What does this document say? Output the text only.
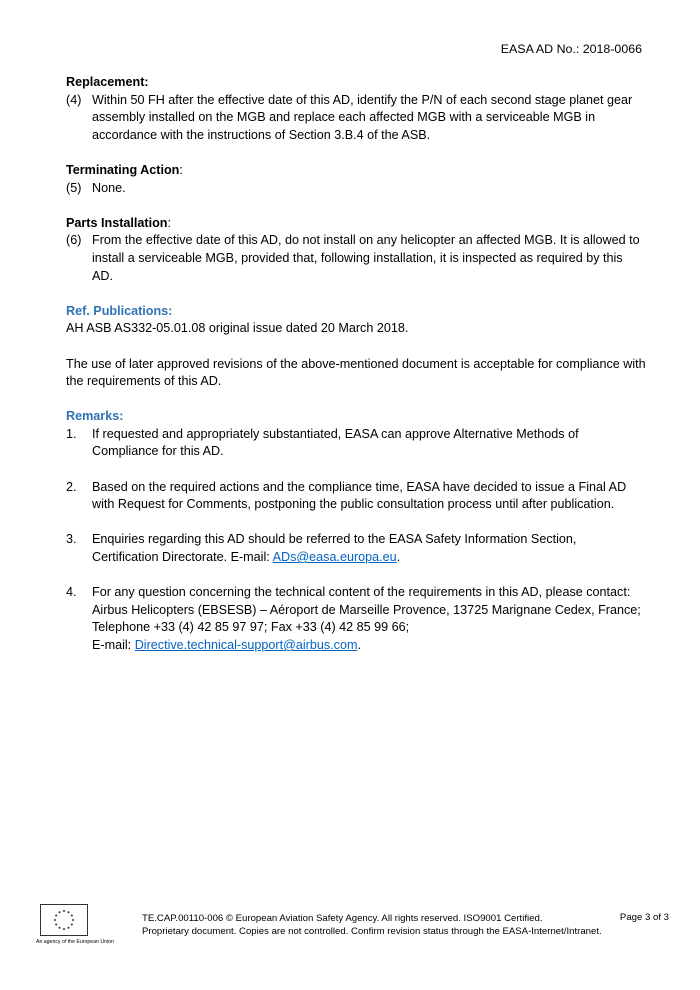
EASA AD No.: 2018-0066
Replacement:
(4) Within 50 FH after the effective date of this AD, identify the P/N of each second stage planet gear assembly installed on the MGB and replace each affected MGB with a serviceable MGB in accordance with the instructions of Section 3.B.4 of the ASB.
Terminating Action:
(5) None.
Parts Installation:
(6) From the effective date of this AD, do not install on any helicopter an affected MGB. It is allowed to install a serviceable MGB, provided that, following installation, it is inspected as required by this AD.
Ref. Publications:
AH ASB AS332-05.01.08 original issue dated 20 March 2018.
The use of later approved revisions of the above-mentioned document is acceptable for compliance with the requirements of this AD.
Remarks:
1.	If requested and appropriately substantiated, EASA can approve Alternative Methods of Compliance for this AD.
2.	Based on the required actions and the compliance time, EASA have decided to issue a Final AD with Request for Comments, postponing the public consultation process until after publication.
3.	Enquiries regarding this AD should be referred to the EASA Safety Information Section, Certification Directorate. E-mail: ADs@easa.europa.eu.
4.	For any question concerning the technical content of the requirements in this AD, please contact: Airbus Helicopters (EBSESB) – Aéroport de Marseille Provence, 13725 Marignane Cedex, France; Telephone +33 (4) 42 85 97 97; Fax +33 (4) 42 85 99 66;
E-mail: Directive.technical-support@airbus.com.
An agency of the European Union
TE.CAP.00110-006 © European Aviation Safety Agency. All rights reserved. ISO9001 Certified.
Proprietary document. Copies are not controlled. Confirm revision status through the EASA-Internet/Intranet.
Page 3 of 3
